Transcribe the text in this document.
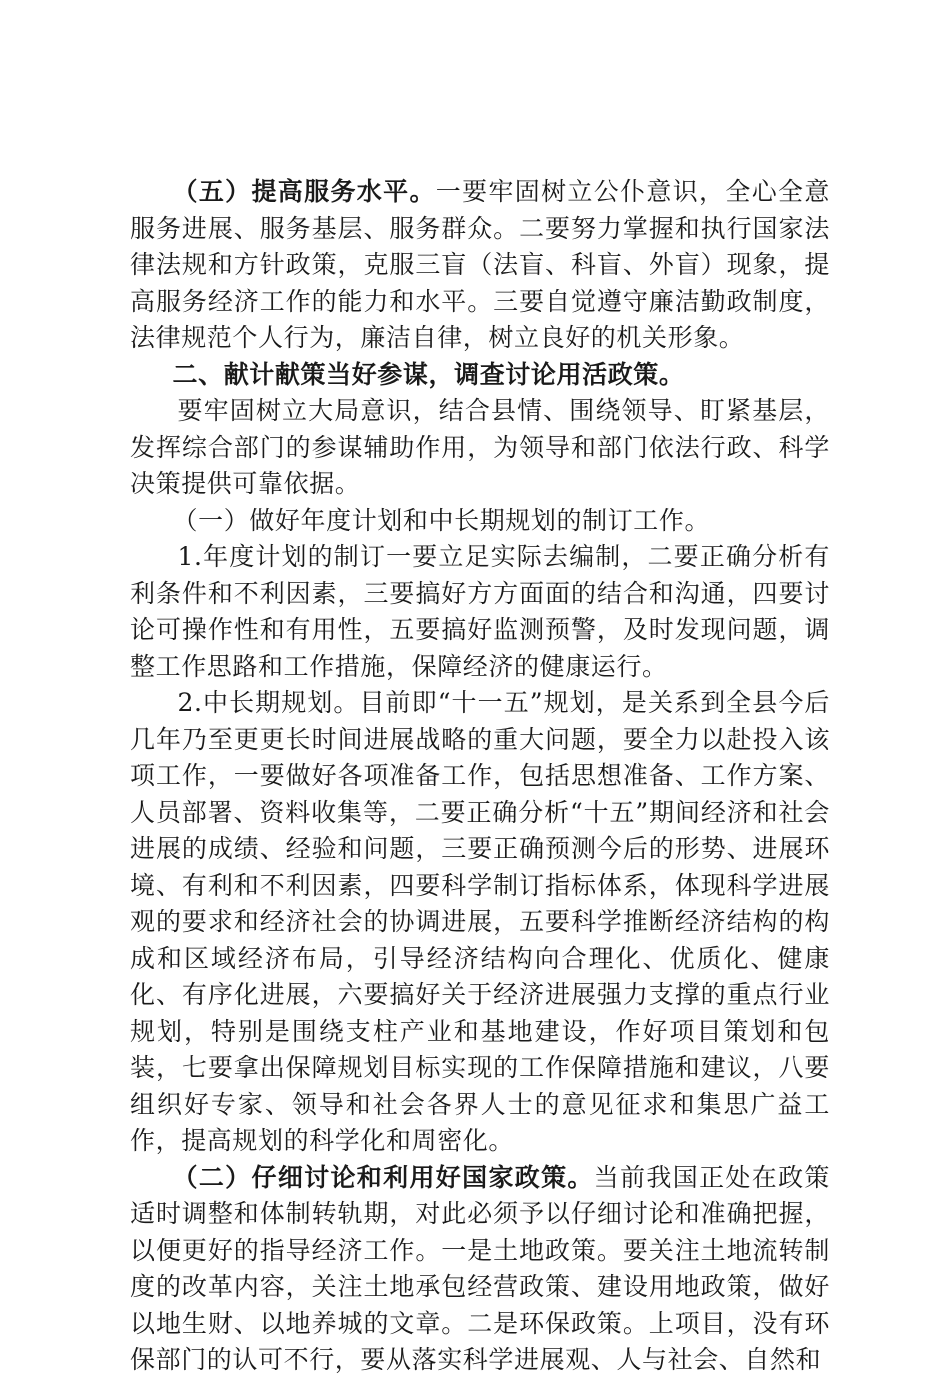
（五）提高服务水平。一要牢固树立公仆意识，全心全意服务进展、服务基层、服务群众。二要努力掌握和执行国家法律法规和方针政策，克服三盲（法盲、科盲、外盲）现象，提高服务经济工作的能力和水平。三要自觉遵守廉洁勤政制度，法律规范个人行为，廉洁自律，树立良好的机关形象。

二、献计献策当好参谋，调查讨论用活政策。

要牢固树立大局意识，结合县情、围绕领导、盯紧基层，发挥综合部门的参谋辅助作用，为领导和部门依法行政、科学决策提供可靠依据。

（一）做好年度计划和中长期规划的制订工作。

1.年度计划的制订一要立足实际去编制，二要正确分析有利条件和不利因素，三要搞好方方面面的结合和沟通，四要讨论可操作性和有用性，五要搞好监测预警，及时发现问题，调整工作思路和工作措施，保障经济的健康运行。

2.中长期规划。目前即“十一五”规划，是关系到全县今后几年乃至更更长时间进展战略的重大问题，要全力以赴投入该项工作，一要做好各项准备工作，包括思想准备、工作方案、人员部署、资料收集等，二要正确分析“十五”期间经济和社会进展的成绩、经验和问题，三要正确预测今后的形势、进展环境、有利和不利因素，四要科学制订指标体系，体现科学进展观的要求和经济社会的协调进展，五要科学推断经济结构的构成和区域经济布局，引导经济结构向合理化、优质化、健康化、有序化进展，六要搞好关于经济进展强力支撑的重点行业规划，特别是围绕支柱产业和基地建设，作好项目策划和包装，七要拿出保障规划目标实现的工作保障措施和建议，八要组织好专家、领导和社会各界人士的意见征求和集思广益工作，提高规划的科学化和周密化。

（二）仔细讨论和利用好国家政策。当前我国正处在政策适时调整和体制转轨期，对此必须予以仔细讨论和准确把握，以便更好的指导经济工作。一是土地政策。要关注土地流转制度的改革内容，关注土地承包经营政策、建设用地政策，做好以地生财、以地养城的文章。二是环保政策。上项目，没有环保部门的认可不行，要从落实科学进展观、人与社会、自然和
